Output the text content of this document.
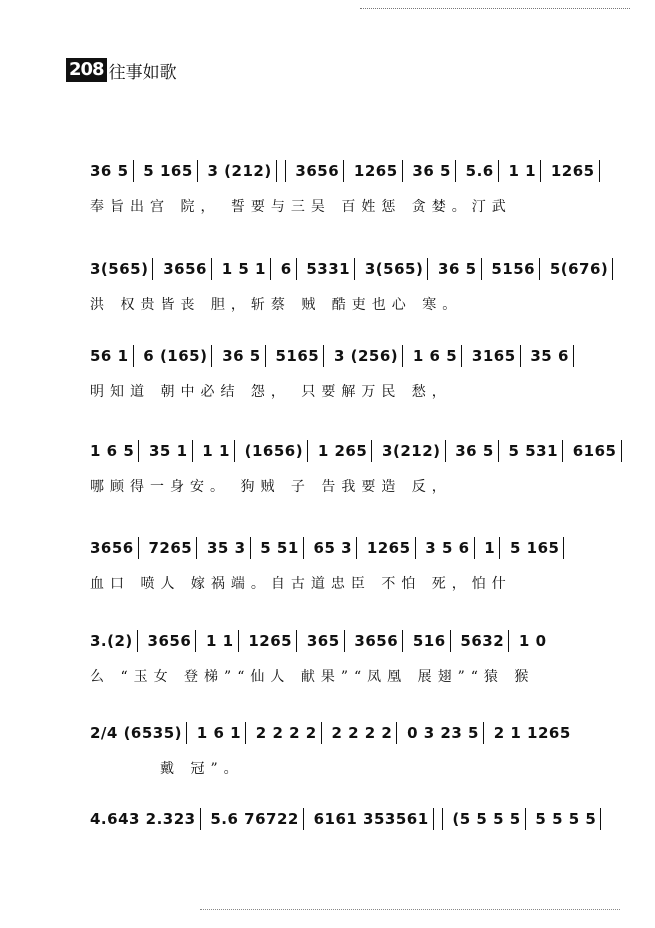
208 往事如歌
36 5 5 165 3 (212) 3656 1265 36 5 5.6 1 1 1265
奉旨出宫 院， 誓要与三吴 百姓惩 贪婪。汀武
3(565) 3656 1 5 1 6 5331 3(565) 36 5 5156 5(676)
洪 权贵皆丧 胆，斩蔡 贼 酷吏也心 寒。
56 1 6 (165) 36 5 5165 3 (256) 1 6 5 3165 35 6
明知道 朝中必结 怨， 只要解万民 愁，
1 6 5 35 1 1 1 (1656) 1 265 3(212) 36 5 5 531 6165
哪顾得一身安。 狗贼 子 告我要造 反，
3656 7265 35 3 5 51 65 3 1265 3 5 6 1 5 165
血口 喷人 嫁祸端。自古道忠臣 不怕 死，怕什
3.(2) 3656 1 1 1265 365 3656 516 5632 1 0
么 “玉女 登梯”“仙人 献果”“凤凰 展翅”“猿 猴
2/4 (6535) 1 6 1 2 2 2 2 2 2 2 2 0 3 23 5 2 1 1265
戴 冠”。
4.643 2.323 5.6 76722 6161 353561 (5 5 5 5 5 5 5 5
